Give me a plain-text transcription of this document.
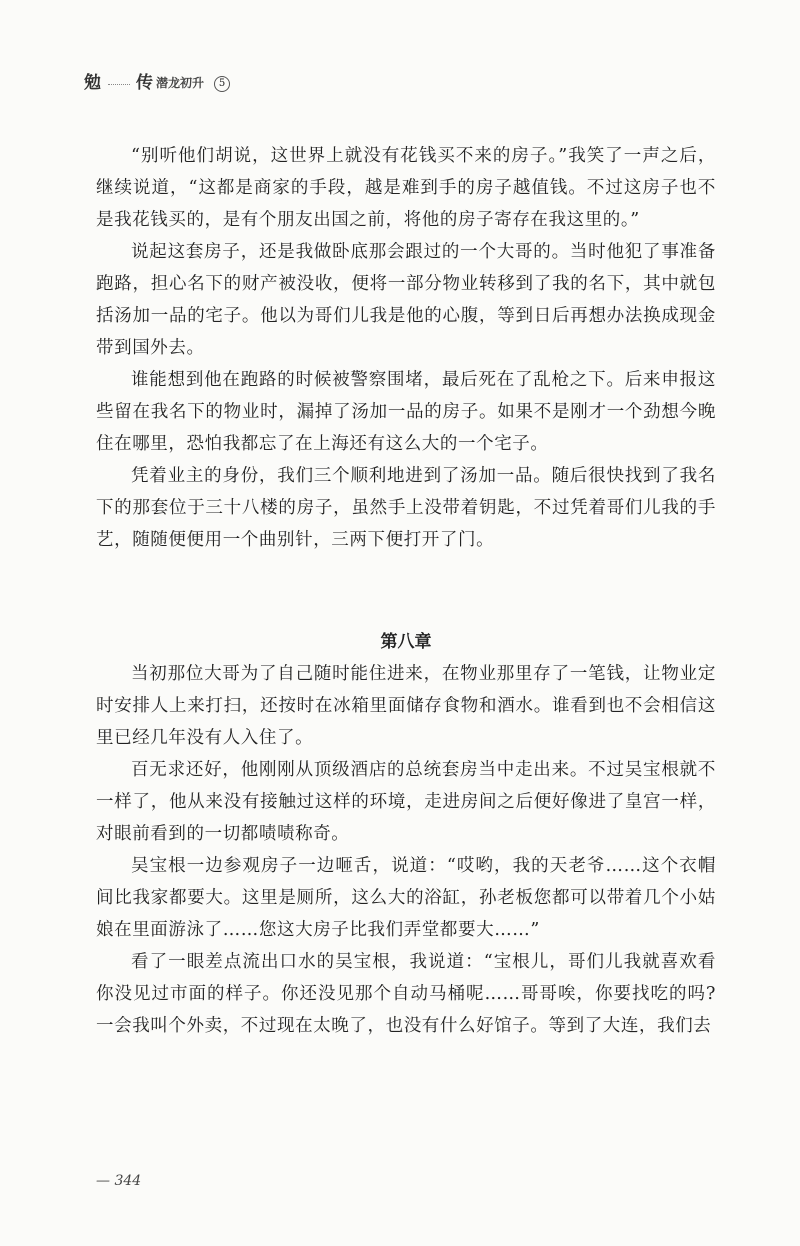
勉 传 潜龙初升	5

“别听他们胡说，这世界上就没有花钱买不来的房子。”我笑了一声之后，继续说道，“这都是商家的手段，越是难到手的房子越值钱。不过这房子也不是我花钱买的，是有个朋友出国之前，将他的房子寄存在我这里的。”

说起这套房子，还是我做卧底那会跟过的一个大哥的。当时他犯了事准备跑路，担心名下的财产被没收，便将一部分物业转移到了我的名下，其中就包括汤加一品的宅子。他以为哥们儿我是他的心腹，等到日后再想办法换成现金带到国外去。

谁能想到他在跑路的时候被警察围堵，最后死在了乱枪之下。后来申报这些留在我名下的物业时，漏掉了汤加一品的房子。如果不是刚才一个劲想今晚住在哪里，恐怕我都忘了在上海还有这么大的一个宅子。

凭着业主的身份，我们三个顺利地进到了汤加一品。随后很快找到了我名下的那套位于三十八楼的房子，虽然手上没带着钥匙，不过凭着哥们儿我的手艺，随随便便用一个曲别针，三两下便打开了门。

第八章

当初那位大哥为了自己随时能住进来，在物业那里存了一笔钱，让物业定时安排人上来打扫，还按时在冰箱里面储存食物和酒水。谁看到也不会相信这里已经几年没有人入住了。

百无求还好，他刚刚从顶级酒店的总统套房当中走出来。不过吴宝根就不一样了，他从来没有接触过这样的环境，走进房间之后便好像进了皇宫一样，对眼前看到的一切都啧啧称奇。

吴宝根一边参观房子一边咂舌，说道：“哎哟，我的天老爷……这个衣帽间比我家都要大。这里是厕所，这么大的浴缸，孙老板您都可以带着几个小姑娘在里面游泳了……您这大房子比我们弄堂都要大……”

看了一眼差点流出口水的吴宝根，我说道：“宝根儿，哥们儿我就喜欢看你没见过市面的样子。你还没见那个自动马桶呢……哥哥唉，你要找吃的吗?一会我叫个外卖，不过现在太晚了，也没有什么好馆子。等到了大连，我们去

— 344
